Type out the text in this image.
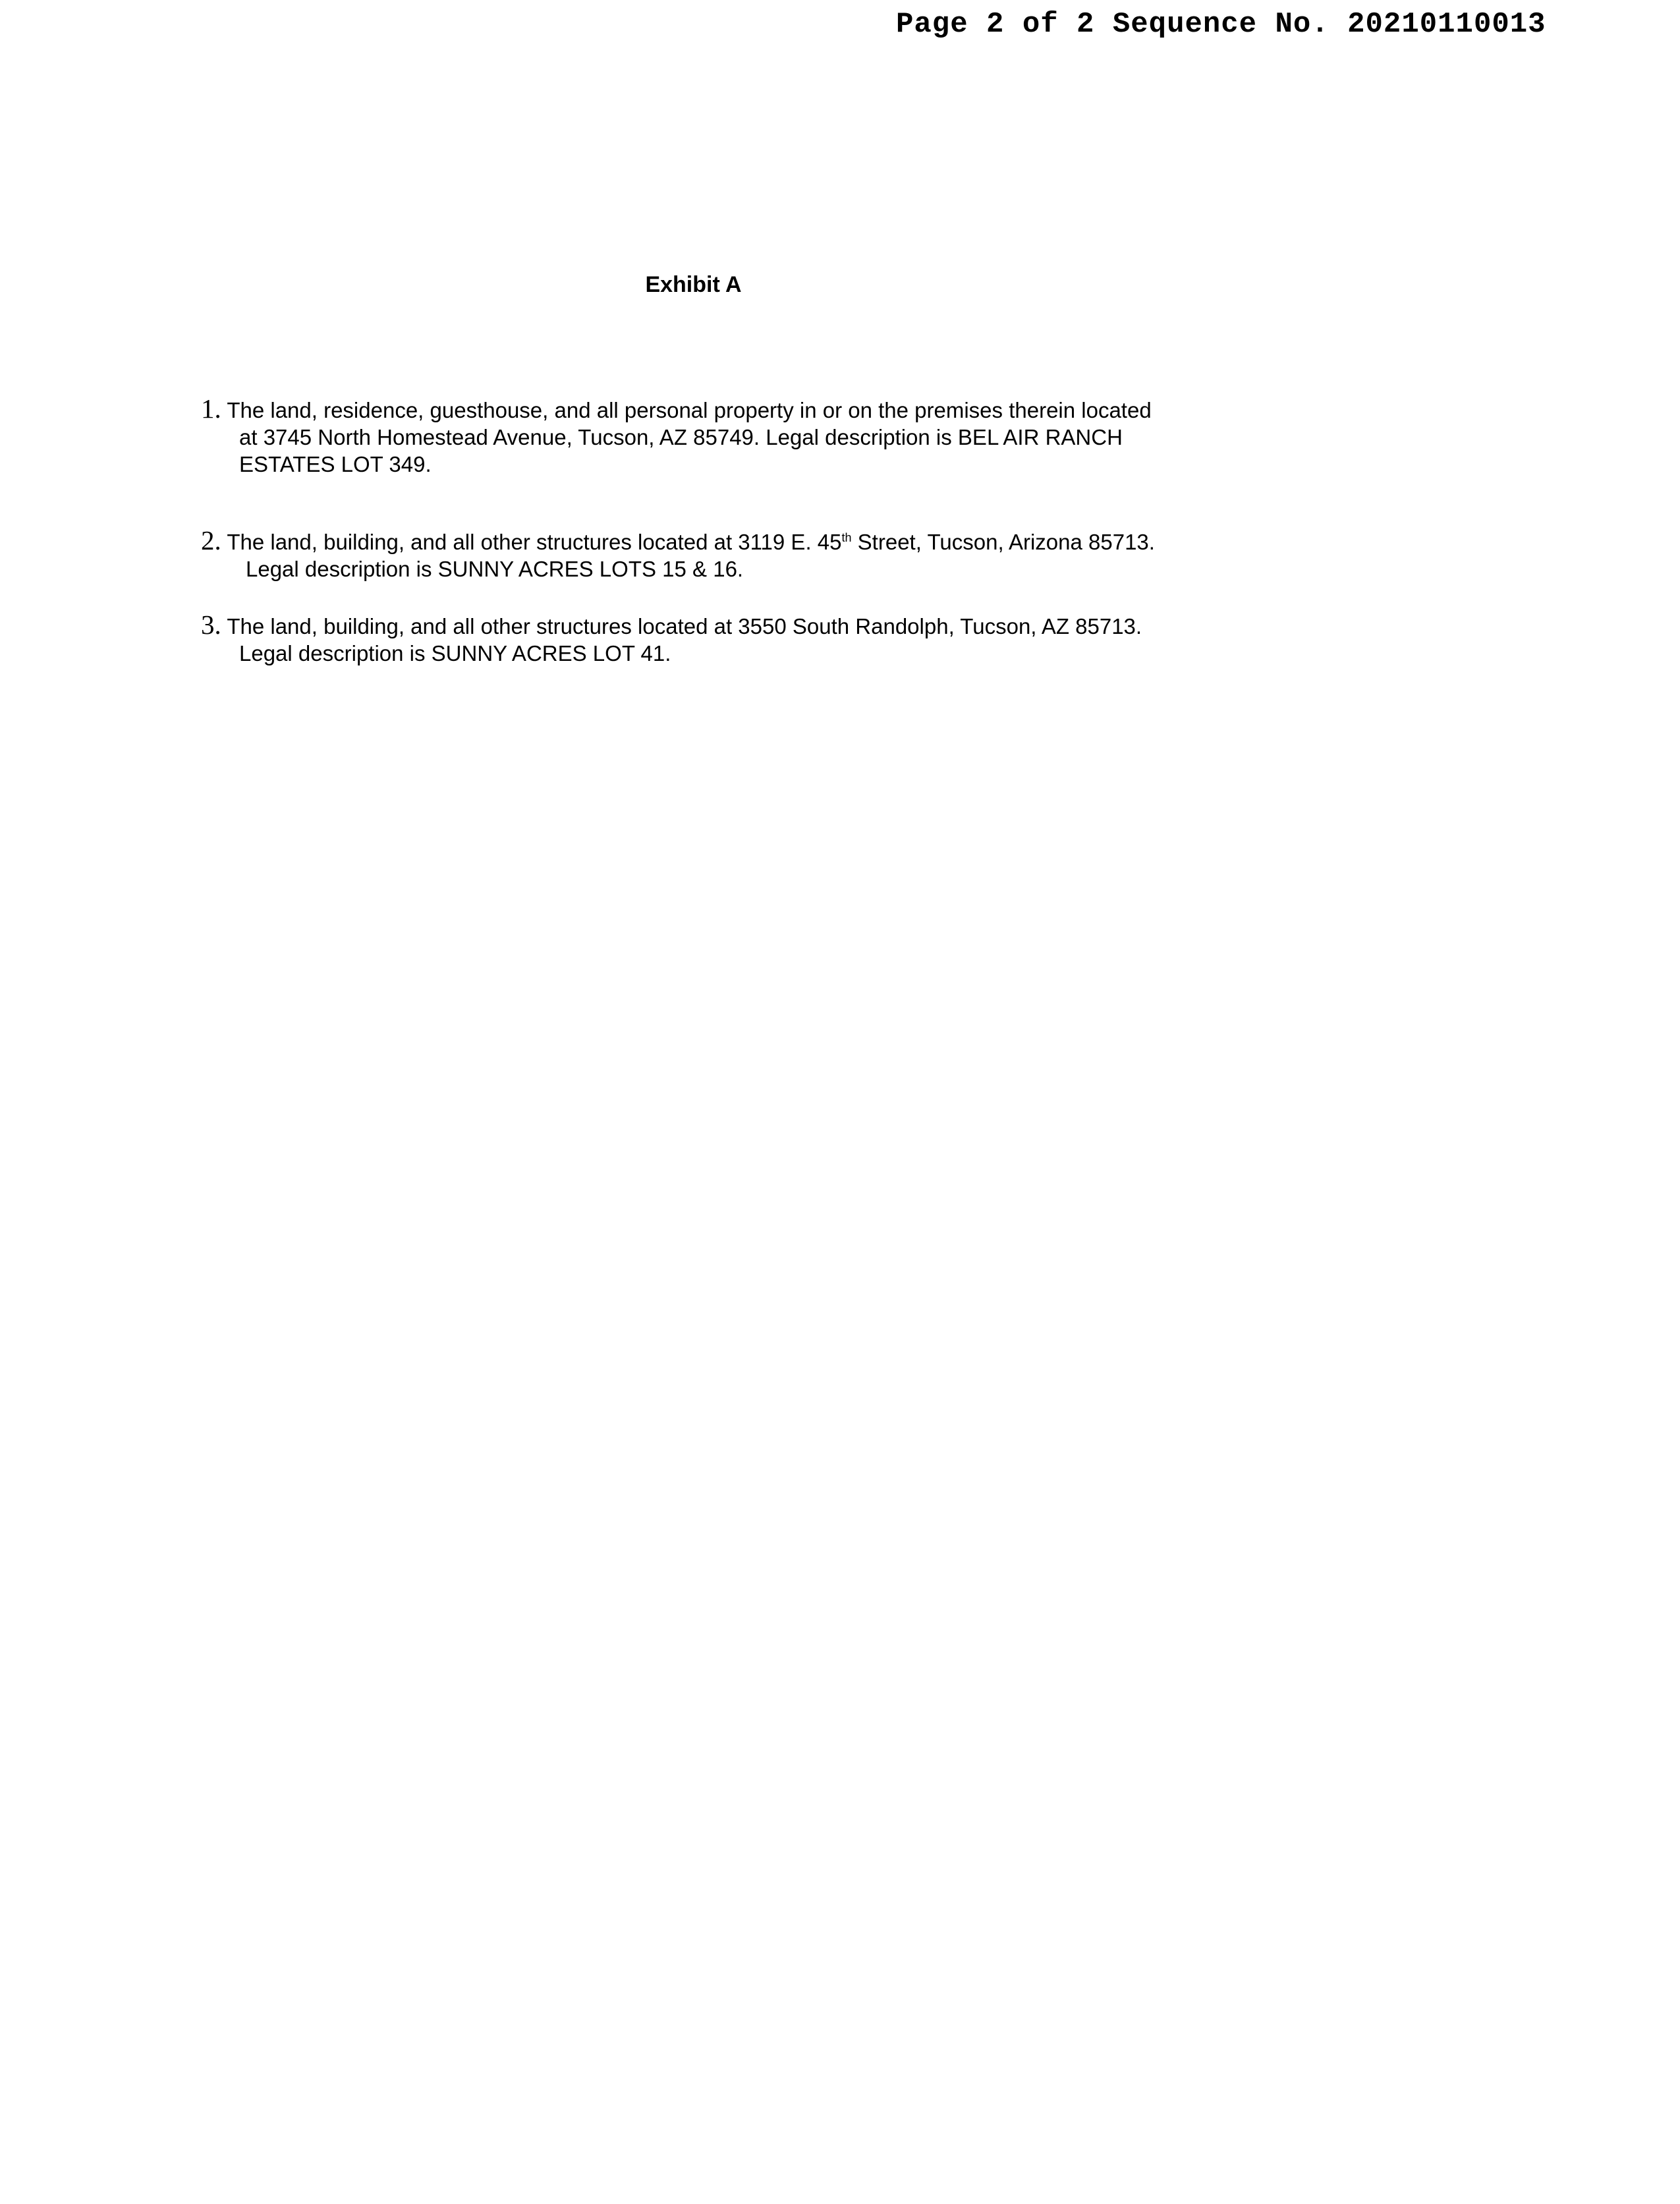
Page 2 of 2 Sequence No. 20210110013
Exhibit A
1. The land, residence, guesthouse, and all personal property in or on the premises therein located
at 3745 North Homestead Avenue, Tucson, AZ 85749. Legal description is BEL AIR RANCH
ESTATES LOT 349.
2. The land, building, and all other structures located at 3119 E. 45th Street, Tucson, Arizona 85713.
Legal description is SUNNY ACRES LOTS 15 & 16.
3. The land, building, and all other structures located at 3550 South Randolph, Tucson, AZ 85713.
Legal description is SUNNY ACRES LOT 41.
